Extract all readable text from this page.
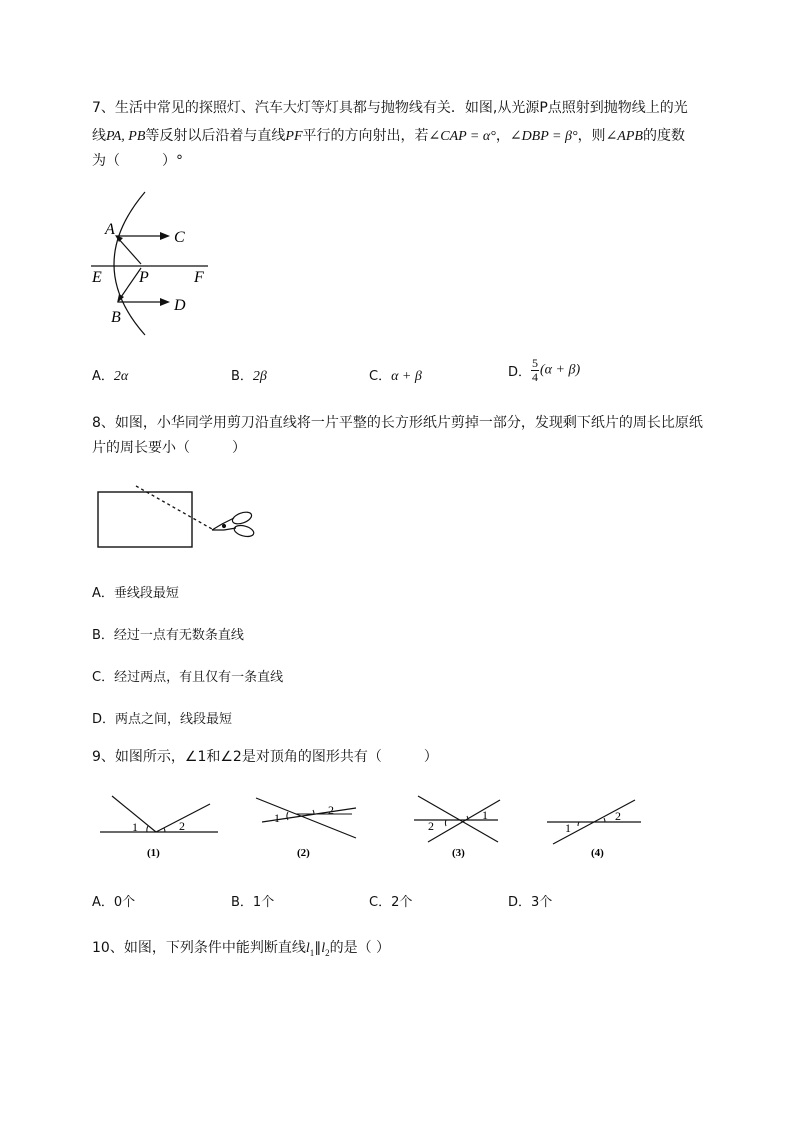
7、生活中常见的探照灯、汽车大灯等灯具都与抛物线有关．如图,从光源P点照射到抛物线上的光
线PA, PB等反射以后沿着与直线PF平行的方向射出，若∠CAP = α°，∠DBP = β°，则∠APB的度数
为（　　　）°
A	C
E P	F
B
D
A．2α	B．2β	C．α + β	D． $\frac{5}{4} (\alpha + \beta)$
8、如图，小华同学用剪刀沿直线将一片平整的长方形纸片剪掉一部分，发现剩下纸片的周长比原纸
片的周长要小（　　　）
A．垂线段最短
B．经过一点有无数条直线
C．经过两点，有且仅有一条直线
D．两点之间，线段最短
9、如图所示，∠1和∠2是对顶角的图形共有（　　　）
1	2
(1)
1
2
(2)
2
1
(3)
1
2
(4)
A．0个	B．1个	C．2个	D．3个
10、如图，下列条件中能判断直线$l_1\parallel l_2$的是（ ）
